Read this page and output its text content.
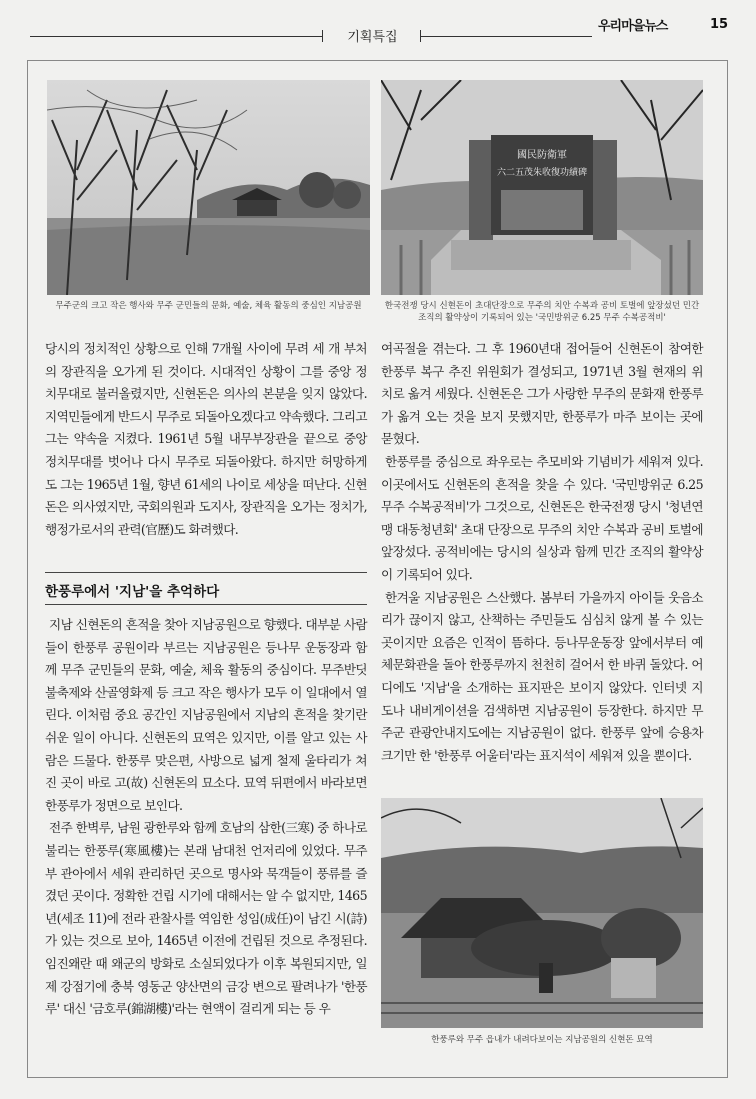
기획특집
우리마을뉴스	15
무주군의 크고 작은 행사와 무주 군민들의 문화, 예술, 체육 활동의 중심인 지남공원
國民防衛軍
六二五茂朱收復功績碑
한국전쟁 당시 신현돈이 초대단장으로 무주의 치안 수복과 공비 토벌에 앞장섰던 민간
조직의 활약상이 기록되어 있는 '국민방위군 6.25 무주 수복공적비'

당시의 정치적인 상황으로 인해 7개월 사이에 무려 세 개 부처의 장관직을 오가게 된 것이다. 시대적인 상황이 그를 중앙 정치무대로 불러올렸지만, 신현돈은 의사의 본분을 잊지 않았다. 지역민들에게 반드시 무주로 되돌아오겠다고 약속했다. 그리고 그는 약속을 지켰다. 1961년 5월 내무부장관을 끝으로 중앙 정치무대를 벗어나 다시 무주로 되돌아왔다. 하지만 허망하게도 그는 1965년 1월, 향년 61세의 나이로 세상을 떠난다. 신현돈은 의사였지만, 국회의원과 도지사, 장관직을 오가는 정치가, 행정가로서의 관력(官歷)도 화려했다.

한풍루에서 '지남'을 추억하다

지남 신현돈의 흔적을 찾아 지남공원으로 향했다. 대부분 사람들이 한풍루 공원이라 부르는 지남공원은 등나무 운동장과 함께 무주 군민들의 문화, 예술, 체육 활동의 중심이다. 무주반딧불축제와 산골영화제 등 크고 작은 행사가 모두 이 일대에서 열린다. 이처럼 중요 공간인 지남공원에서 지남의 흔적을 찾기란 쉬운 일이 아니다. 신현돈의 묘역은 있지만, 이를 알고 있는 사람은 드물다. 한풍루 맞은편, 사방으로 넓게 철제 울타리가 쳐진 곳이 바로 고(故) 신현돈의 묘소다. 묘역 뒤편에서 바라보면 한풍루가 정면으로 보인다.

전주 한벽루, 남원 광한루와 함께 호남의 삼한(三寒) 중 하나로 불리는 한풍루(寒風樓)는 본래 남대천 언저리에 있었다. 무주부 관아에서 세워 관리하던 곳으로 명사와 묵객들이 풍류를 즐겼던 곳이다. 정확한 건립 시기에 대해서는 알 수 없지만, 1465년(세조 11)에 전라 관찰사를 역임한 성임(成任)이 남긴 시(詩)가 있는 것으로 보아, 1465년 이전에 건립된 것으로 추정된다. 임진왜란 때 왜군의 방화로 소실되었다가 이후 복원되지만, 일제 강점기에 충북 영동군 양산면의 금강 변으로 팔려나가 '한풍루' 대신 '금호루(錦湖樓)'라는 현액이 걸리게 되는 등 우

여곡절을 겪는다. 그 후 1960년대 접어들어 신현돈이 참여한 한풍루 복구 추진 위원회가 결성되고, 1971년 3월 현재의 위치로 옮겨 세웠다. 신현돈은 그가 사랑한 무주의 문화재 한풍루가 옮겨 오는 것을 보지 못했지만, 한풍루가 마주 보이는 곳에 묻혔다.

한풍루를 중심으로 좌우로는 추모비와 기념비가 세워져 있다. 이곳에서도 신현돈의 흔적을 찾을 수 있다. '국민방위군 6.25 무주 수복공적비'가 그것으로, 신현돈은 한국전쟁 당시 '청년연맹 대동청년회' 초대 단장으로 무주의 치안 수복과 공비 토벌에 앞장섰다. 공적비에는 당시의 실상과 함께 민간 조직의 활약상이 기록되어 있다.

한겨울 지남공원은 스산했다. 봄부터 가을까지 아이들 웃음소리가 끊이지 않고, 산책하는 주민들도 심심치 않게 볼 수 있는 곳이지만 요즘은 인적이 뜸하다. 등나무운동장 앞에서부터 예체문화관을 돌아 한풍루까지 천천히 걸어서 한 바퀴 돌았다. 어디에도 '지남'을 소개하는 표지판은 보이지 않았다. 인터넷 지도나 내비게이션을 검색하면 지남공원이 등장한다. 하지만 무주군 관광안내지도에는 지남공원이 없다. 한풍루 앞에 승용차 크기만 한 '한풍루 어울터'라는 표지석이 세워져 있을 뿐이다.

한풍루와 무주 읍내가 내려다보이는 지남공원의 신현돈 묘역
